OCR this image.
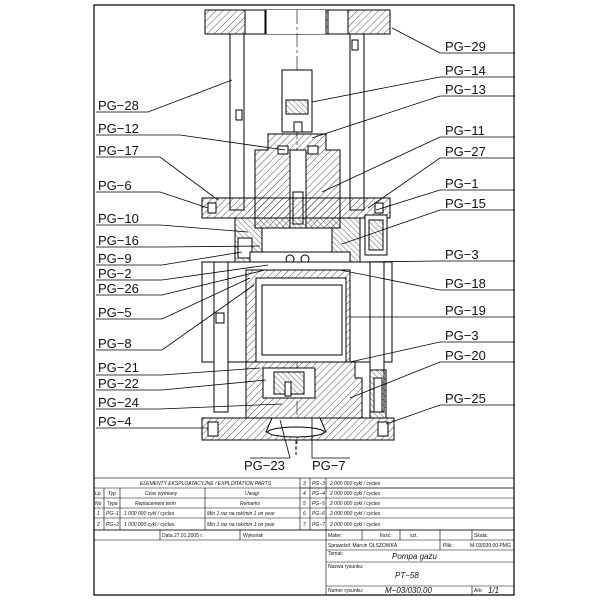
PG−28
PG−12
PG−17
PG−6
PG−10
PG−16
PG−9
PG−2
PG−26
PG−5
PG−8
PG−21
PG−22
PG−24
PG−4
PG−29
PG−14
PG−13
PG−11
PG−27
PG−1
PG−15
PG−3
PG−18
PG−19
PG−3
PG−20
PG−25
PG−23 PG−7
ELEMENTY EKSPLOATACYJNE / EXPLOITATION PARTS
Lp. Typ	Czas wymiany	Uwagi
No Type	Replacement term	Remarks
1 PG−1 1 000 000 cykl / cycles	Min 1 raz na rok/min 1 on year
2 PG−2 1 000 000 cykl / cycles	Min 1 raz na rok/min 1 on year
3 PG−3 2 000 000 cykl / cycles
4 PG−4 2 000 000 cykl / cycles
5 PG−5 2 000 000 cykl / cycles
6 PG−6 2 000 000 cykl / cycles
7 PG−7 2 000 000 cykl / cycles
Data:27.01.2005 r.	Wykonał:	Mater:	Ilość:	szt.	Skala:
Sprawdził: Marcin OLSZOWKA	Plik:	M-03/030.00.PMG
Temat:	Pompa gazu
Nazwa rysunku:
PT−58
Numer rysunku:	M−03/030.00	Ark: 1/1
